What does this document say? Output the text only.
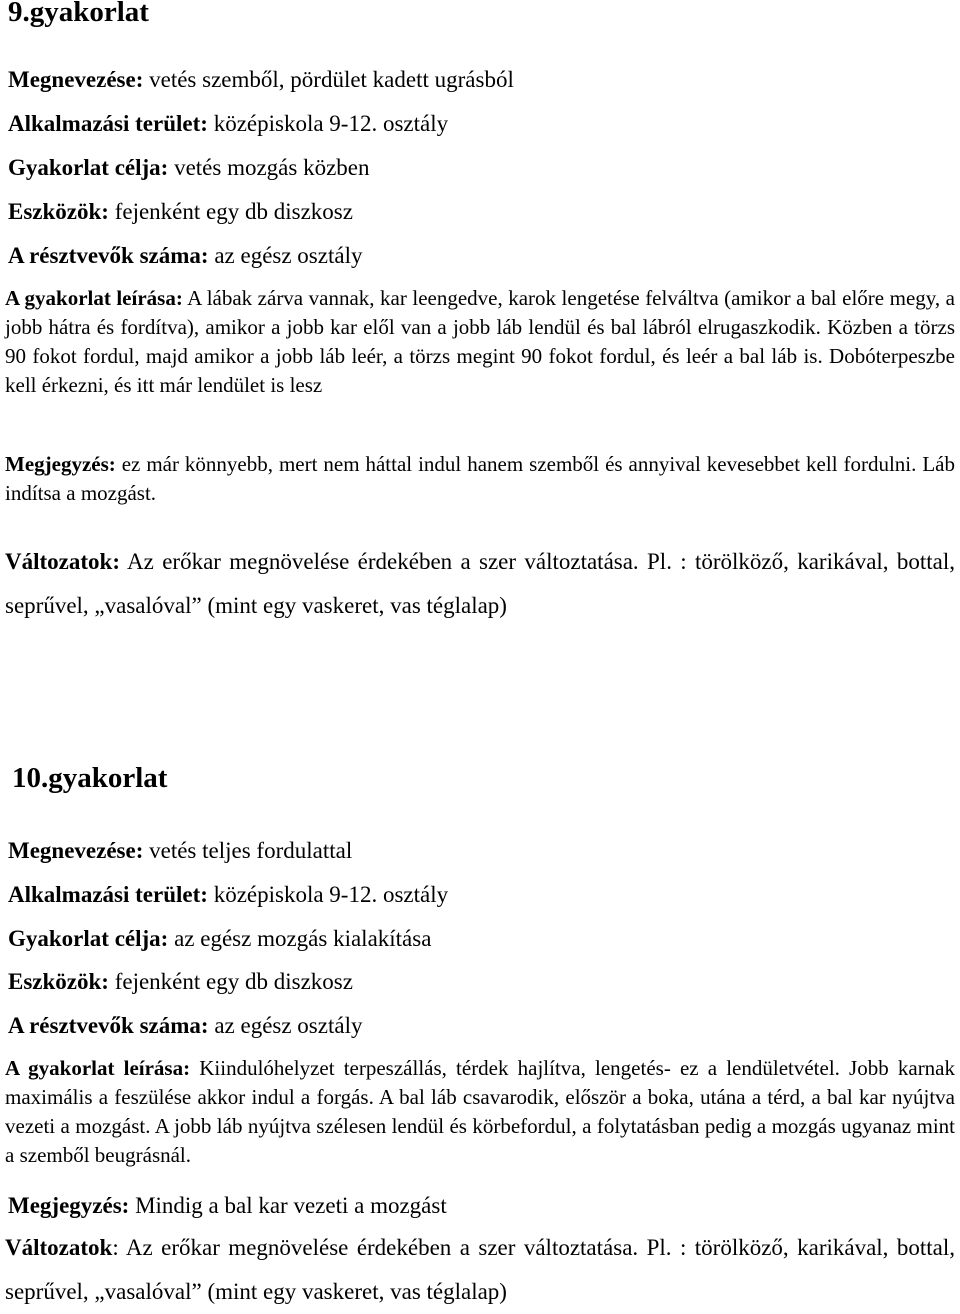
9.gyakorlat

Megnevezése: vetés szemből, pördület kadett ugrásból

Alkalmazási terület: középiskola 9-12. osztály

Gyakorlat célja: vetés mozgás közben

Eszközök: fejenként egy db diszkosz

A résztvevők száma: az egész osztály

A gyakorlat leírása: A lábak zárva vannak, kar leengedve, karok lengetése felváltva (amikor a bal előre megy, a jobb hátra és fordítva), amikor a jobb kar elől van a jobb láb lendül és bal lábról elrugaszkodik. Közben a törzs 90 fokot fordul, majd amikor a jobb láb leér, a törzs megint 90 fokot fordul, és leér a bal láb is. Dobóterpeszbe kell érkezni, és itt már lendület is lesz

Megjegyzés: ez már könnyebb, mert nem háttal indul hanem szemből és annyival kevesebbet kell fordulni. Láb indítsa a mozgást.

Változatok: Az erőkar megnövelése érdekében a szer változtatása. Pl. : törölköző, karikával, bottal, seprűvel, „vasalóval” (mint egy vaskeret, vas téglalap)

10.gyakorlat

Megnevezése: vetés teljes fordulattal

Alkalmazási terület: középiskola 9-12. osztály

Gyakorlat célja: az egész mozgás kialakítása

Eszközök: fejenként egy db diszkosz

A résztvevők száma: az egész osztály

A gyakorlat leírása: Kiindulóhelyzet terpeszállás, térdek hajlítva, lengetés- ez a lendületvétel. Jobb karnak maximális a feszülése akkor indul a forgás. A bal láb csavarodik, először a boka, utána a térd, a bal kar nyújtva vezeti a mozgást. A jobb láb nyújtva szélesen lendül és körbefordul, a folytatásban pedig a mozgás ugyanaz mint a szemből beugrásnál.

Megjegyzés: Mindig a bal kar vezeti a mozgást

Változatok: Az erőkar megnövelése érdekében a szer változtatása. Pl. : törölköző, karikával, bottal, seprűvel, „vasalóval” (mint egy vaskeret, vas téglalap)
